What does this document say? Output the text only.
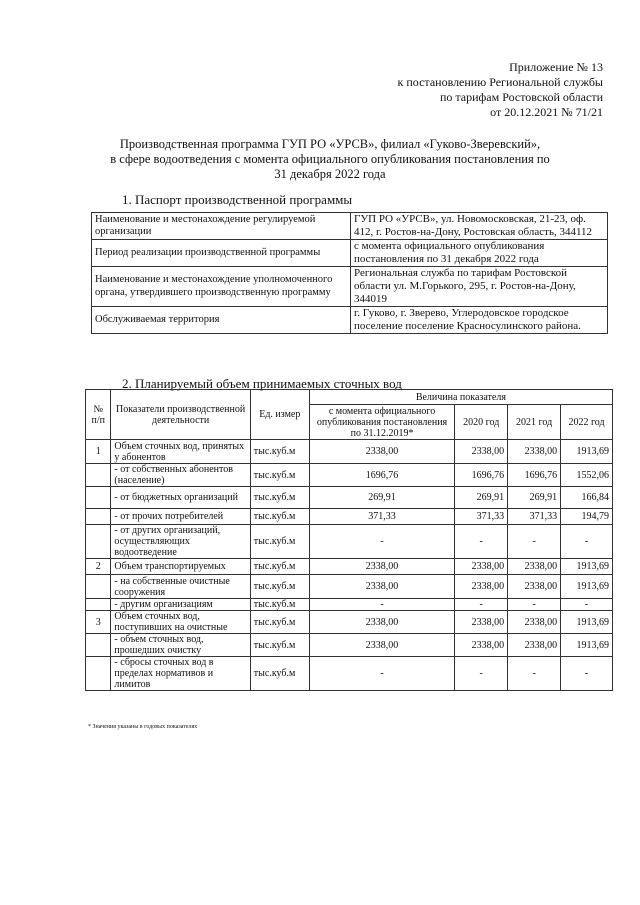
Приложение № 13
к постановлению Региональной службы
по тарифам Ростовской области
от 20.12.2021 № 71/21
Производственная программа ГУП РО «УРСВ», филиал «Гуково-Зверевский»,
в сфере водоотведения с момента официального опубликования постановления по
31 декабря 2022 года
1. Паспорт производственной программы
Наименование и местонахождение регулируемой организации	ГУП РО «УРСВ», ул. Новомосковская, 21-23, оф. 412, г. Ростов-на-Дону, Ростовская область, 344112
Период реализации производственной программы	с момента официального опубликования постановления по 31 декабря 2022 года
Наименование и местонахождение уполномоченного органа, утвердившего производственную программу	Региональная служба по тарифам Ростовской области ул. М.Горького, 295, г. Ростов-на-Дону, 344019
Обслуживаемая территория	г. Гуково, г. Зверево, Углеродовское городское поселение поселение Красносулинского района.
2. Планируемый объем принимаемых сточных вод
№ п/п	Показатели производственной деятельности	Ед. измер	Величина показателя			
			с момента официального опубликования постановления по 31.12.2019*	2020 год	2021 год	2022 год
1	Объем сточных вод, принятых у абонентов	тыс.куб.м	2338,00	2338,00	2338,00	1913,69
	- от собственных абонентов (население)	тыс.куб.м	1696,76	1696,76	1696,76	1552,06
	- от бюджетных организаций	тыс.куб.м	269,91	269,91	269,91	166,84
	- от прочих потребителей	тыс.куб.м	371,33	371,33	371,33	194,79
	- от других организаций, осуществляющих водоотведение	тыс.куб.м	-	-	-	-
2	Объем транспортируемых	тыс.куб.м	2338,00	2338,00	2338,00	1913,69
	- на собственные очистные сооружения	тыс.куб.м	2338,00	2338,00	2338,00	1913,69
	- другим организациям	тыс.куб.м	-	-	-	-
3	Объем сточных вод, поступивших на очистные	тыс.куб.м	2338,00	2338,00	2338,00	1913,69
	- объем сточных вод, прошедших очистку	тыс.куб.м	2338,00	2338,00	2338,00	1913,69
	- сбросы сточных вод в пределах нормативов и лимитов	тыс.куб.м	-	-	-	-
* Значения указаны в годовых показателях
